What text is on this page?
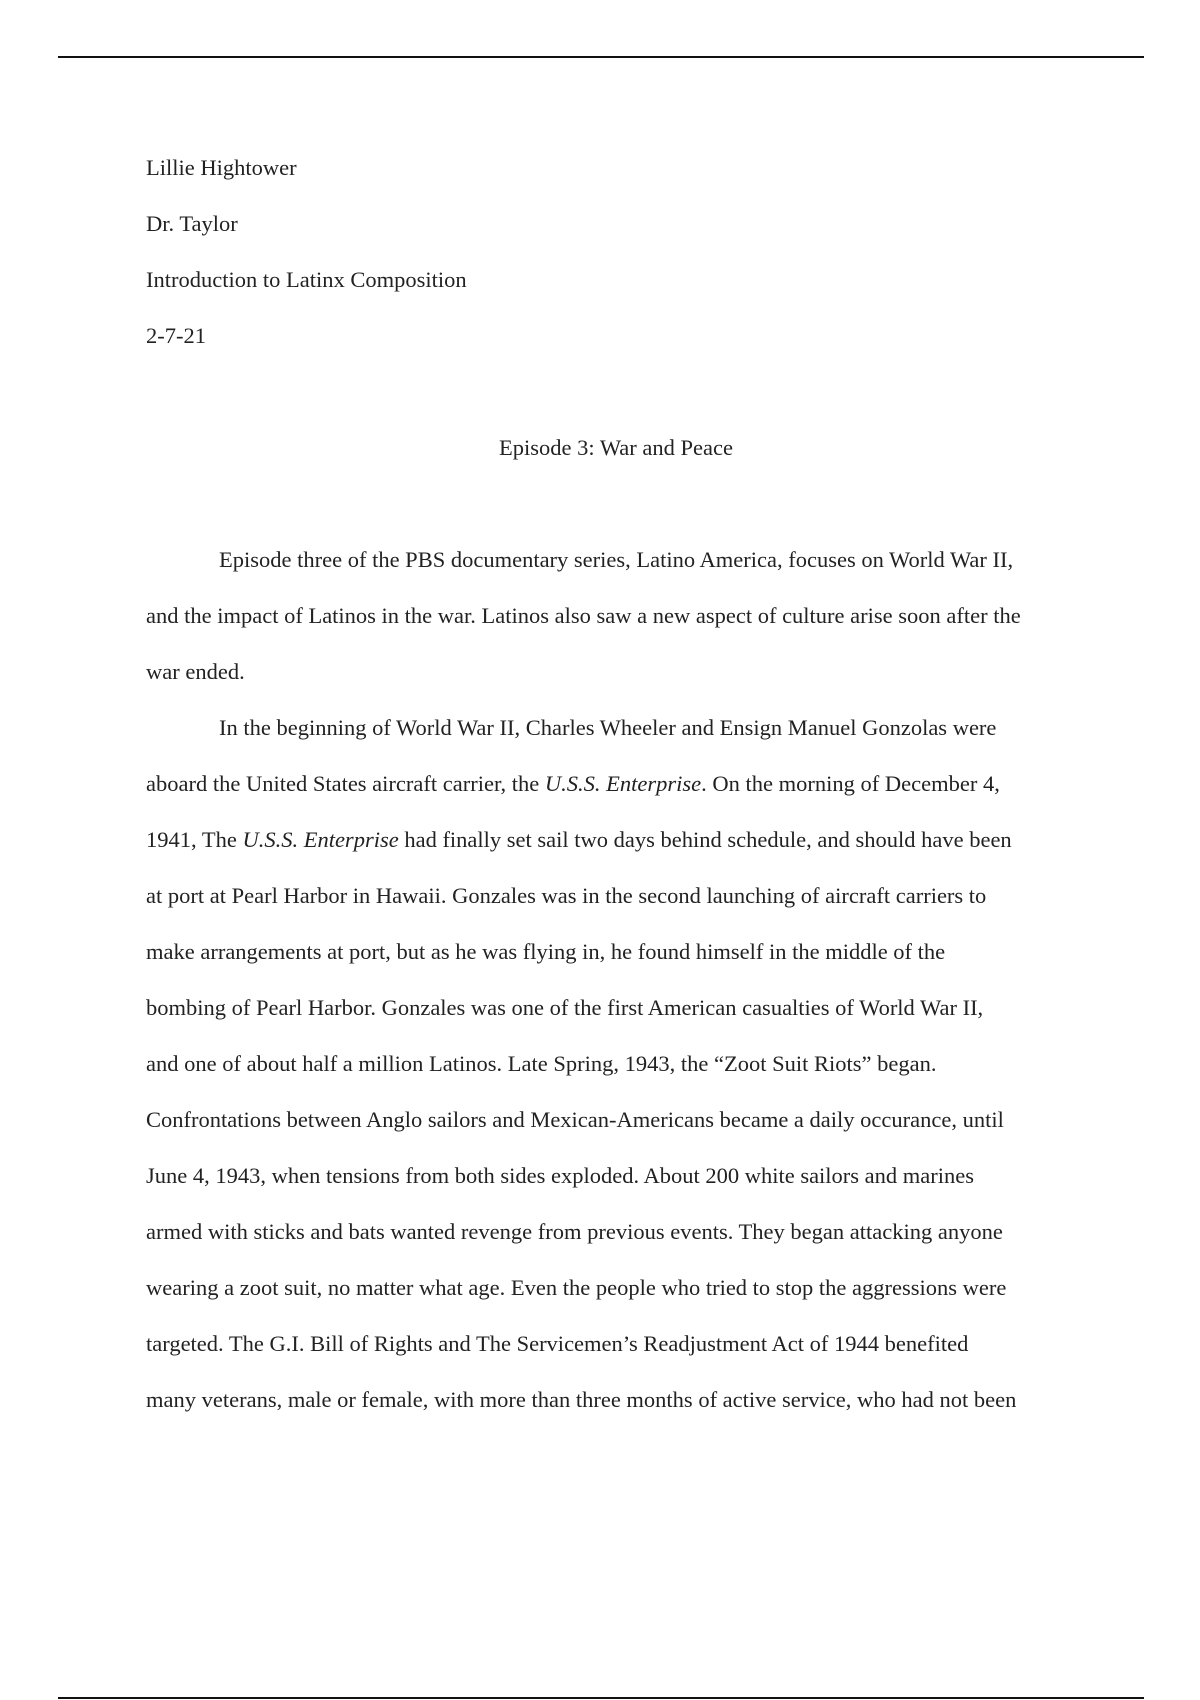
Lillie Hightower

Dr. Taylor

Introduction to Latinx Composition

2-7-21

Episode 3: War and Peace

Episode three of the PBS documentary series, Latino America, focuses on World War II,
and the impact of Latinos in the war. Latinos also saw a new aspect of culture arise soon after the
war ended.
In the beginning of World War II, Charles Wheeler and Ensign Manuel Gonzolas were
aboard the United States aircraft carrier, the U.S.S. Enterprise. On the morning of December 4,
1941, The U.S.S. Enterprise had finally set sail two days behind schedule, and should have been
at port at Pearl Harbor in Hawaii. Gonzales was in the second launching of aircraft carriers to
make arrangements at port, but as he was flying in, he found himself in the middle of the
bombing of Pearl Harbor. Gonzales was one of the first American casualties of World War II,
and one of about half a million Latinos. Late Spring, 1943, the “Zoot Suit Riots” began.
Confrontations between Anglo sailors and Mexican-Americans became a daily occurance, until
June 4, 1943, when tensions from both sides exploded. About 200 white sailors and marines
armed with sticks and bats wanted revenge from previous events. They began attacking anyone
wearing a zoot suit, no matter what age. Even the people who tried to stop the aggressions were
targeted. The G.I. Bill of Rights and The Servicemen’s Readjustment Act of 1944 benefited
many veterans, male or female, with more than three months of active service, who had not been
